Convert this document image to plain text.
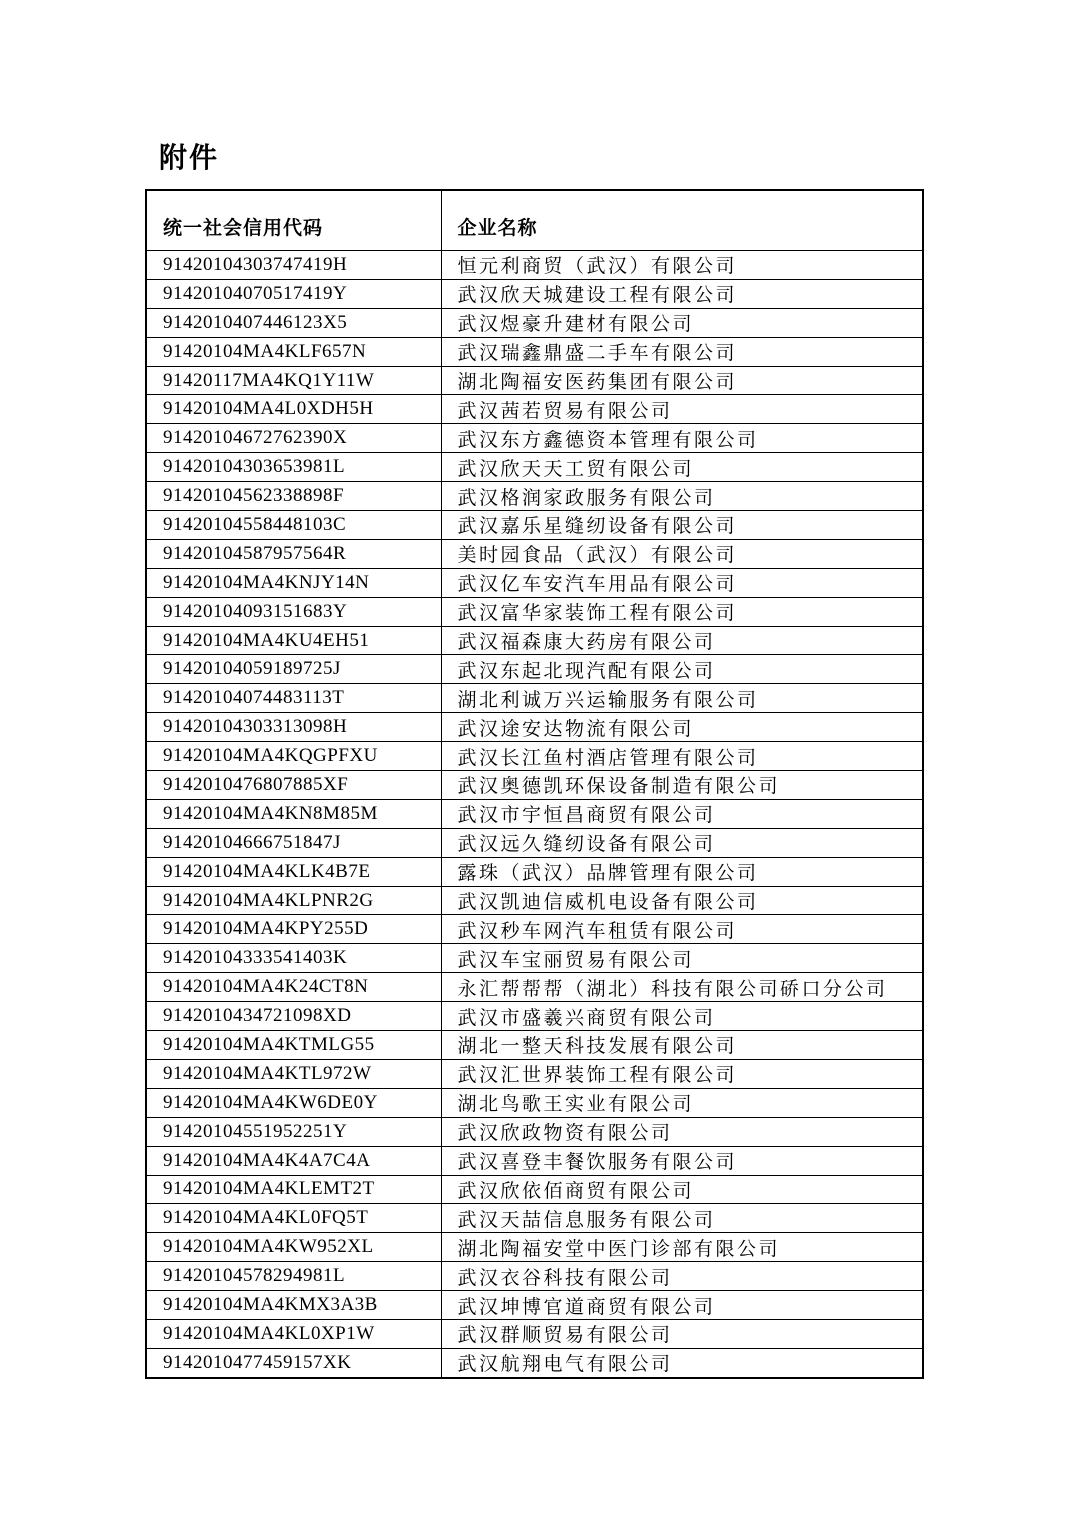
附件
统一社会信用代码	企业名称
91420104303747419H	恒元利商贸（武汉）有限公司
91420104070517419Y	武汉欣天城建设工程有限公司
9142010407446123X5	武汉煜豪升建材有限公司
91420104MA4KLF657N	武汉瑞鑫鼎盛二手车有限公司
91420117MA4KQ1Y11W	湖北陶福安医药集团有限公司
91420104MA4L0XDH5H	武汉茜若贸易有限公司
91420104672762390X	武汉东方鑫德资本管理有限公司
91420104303653981L	武汉欣天天工贸有限公司
91420104562338898F	武汉格润家政服务有限公司
91420104558448103C	武汉嘉乐星缝纫设备有限公司
91420104587957564R	美时园食品（武汉）有限公司
91420104MA4KNJY14N	武汉亿车安汽车用品有限公司
91420104093151683Y	武汉富华家装饰工程有限公司
91420104MA4KU4EH51	武汉福森康大药房有限公司
91420104059189725J	武汉东起北现汽配有限公司
91420104074483113T	湖北利诚万兴运输服务有限公司
91420104303313098H	武汉途安达物流有限公司
91420104MA4KQGPFXU	武汉长江鱼村酒店管理有限公司
9142010476807885XF	武汉奥德凯环保设备制造有限公司
91420104MA4KN8M85M	武汉市宇恒昌商贸有限公司
91420104666751847J	武汉远久缝纫设备有限公司
91420104MA4KLK4B7E	露珠（武汉）品牌管理有限公司
91420104MA4KLPNR2G	武汉凯迪信威机电设备有限公司
91420104MA4KPY255D	武汉秒车网汽车租赁有限公司
91420104333541403K	武汉车宝丽贸易有限公司
91420104MA4K24CT8N	永汇帮帮帮（湖北）科技有限公司硚口分公司
9142010434721098XD	武汉市盛羲兴商贸有限公司
91420104MA4KTMLG55	湖北一整天科技发展有限公司
91420104MA4KTL972W	武汉汇世界装饰工程有限公司
91420104MA4KW6DE0Y	湖北鸟歌王实业有限公司
91420104551952251Y	武汉欣政物资有限公司
91420104MA4K4A7C4A	武汉喜登丰餐饮服务有限公司
91420104MA4KLEMT2T	武汉欣依佰商贸有限公司
91420104MA4KL0FQ5T	武汉天喆信息服务有限公司
91420104MA4KW952XL	湖北陶福安堂中医门诊部有限公司
91420104578294981L	武汉衣谷科技有限公司
91420104MA4KMX3A3B	武汉坤博官道商贸有限公司
91420104MA4KL0XP1W	武汉群顺贸易有限公司
9142010477459157XK	武汉航翔电气有限公司
